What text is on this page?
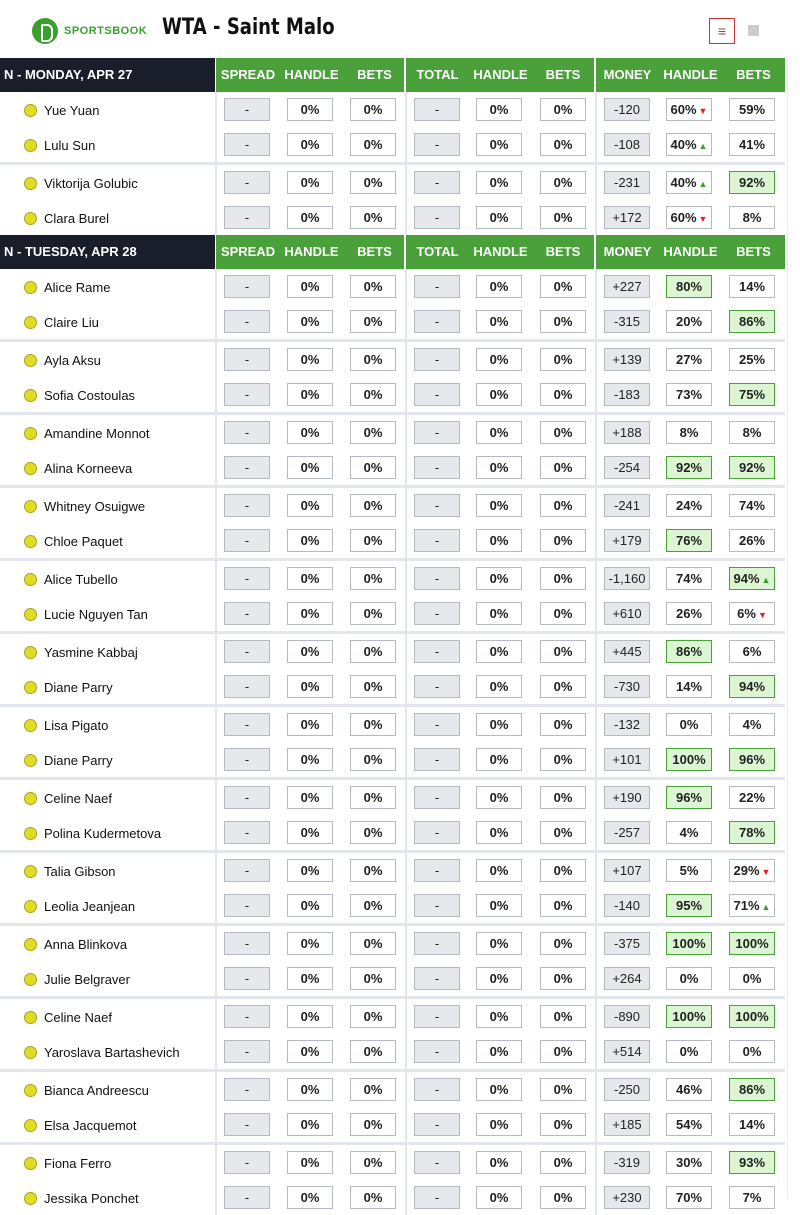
SPORTSBOOK WTA - Saint Malo	≡
N - MONDAY, APR 27	SPREAD HANDLE	BETS	TOTAL	HANDLE	BETS	MONEY HANDLE	BETS
Yue Yuan	-	0%	0%	-	0%	0%	-120	60% ▼	59%
Lulu Sun	-	0%	0%	-	0%	0%	-108	40% ▲	41%
Viktorija Golubic	-	0%	0%	-	0%	0%	-231	40% ▲	92%
Clara Burel	-	0%	0%	-	0%	0%	+172	60% ▼	8%
N - TUESDAY, APR 28	SPREAD HANDLE	BETS	TOTAL	HANDLE	BETS	MONEY HANDLE	BETS
Alice Rame	-	0%	0%	-	0%	0%	+227	80%	14%
Claire Liu	-	0%	0%	-	0%	0%	-315	20%	86%
Ayla Aksu	-	0%	0%	-	0%	0%	+139	27%	25%
Sofia Costoulas	-	0%	0%	-	0%	0%	-183	73%	75%
Amandine Monnot	-	0%	0%	-	0%	0%	+188	8%	8%
Alina Korneeva	-	0%	0%	-	0%	0%	-254	92%	92%
Whitney Osuigwe	-	0%	0%	-	0%	0%	-241	24%	74%
Chloe Paquet	-	0%	0%	-	0%	0%	+179	76%	26%
Alice Tubello	-	0%	0%	-	0%	0%	-1,160	74%	94% ▲
Lucie Nguyen Tan	-	0%	0%	-	0%	0%	+610	26%	6% ▼
Yasmine Kabbaj	-	0%	0%	-	0%	0%	+445	86%	6%
Diane Parry	-	0%	0%	-	0%	0%	-730	14%	94%
Lisa Pigato	-	0%	0%	-	0%	0%	-132	0%	4%
Diane Parry	-	0%	0%	-	0%	0%	+101	100%	96%
Celine Naef	-	0%	0%	-	0%	0%	+190	96%	22%
Polina Kudermetova	-	0%	0%	-	0%	0%	-257	4%	78%
Talia Gibson	-	0%	0%	-	0%	0%	+107	5%	29% ▼
Leolia Jeanjean	-	0%	0%	-	0%	0%	-140	95%	71% ▲
Anna Blinkova	-	0%	0%	-	0%	0%	-375	100%	100%
Julie Belgraver	-	0%	0%	-	0%	0%	+264	0%	0%
Celine Naef	-	0%	0%	-	0%	0%	-890	100%	100%
Yaroslava Bartashevich	-	0%	0%	-	0%	0%	+514	0%	0%
Bianca Andreescu	-	0%	0%	-	0%	0%	-250	46%	86%
Elsa Jacquemot	-	0%	0%	-	0%	0%	+185	54%	14%
Fiona Ferro	-	0%	0%	-	0%	0%	-319	30%	93%
Jessika Ponchet	-	0%	0%	-	0%	0%	+230	70%	7%
